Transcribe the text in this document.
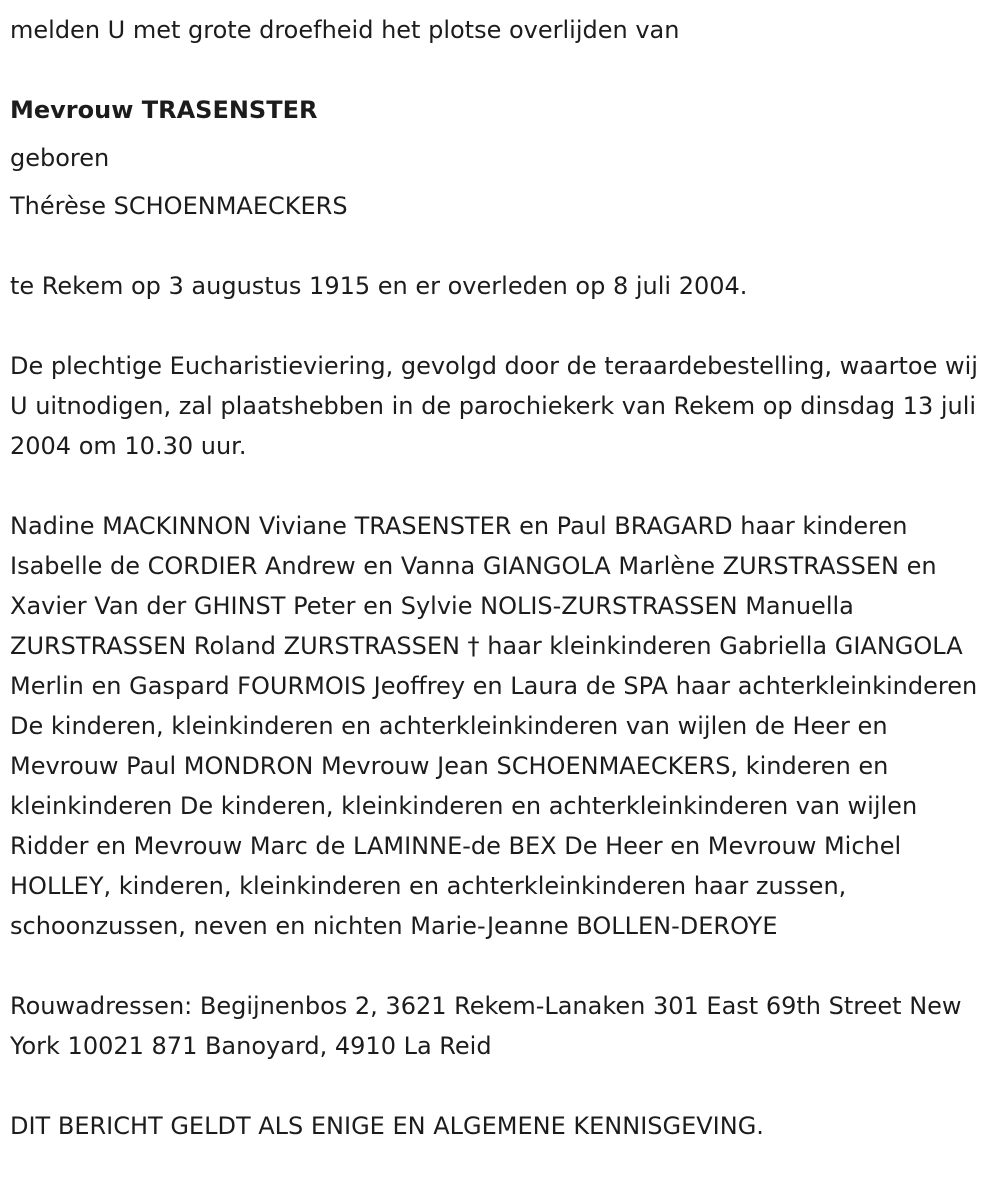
melden U met grote droefheid het plotse overlijden van

Mevrouw TRASENSTER

geboren

Thérèse SCHOENMAECKERS

te Rekem op 3 augustus 1915 en er overleden op 8 juli 2004.

De plechtige Eucharistieviering, gevolgd door de teraardebestelling, waartoe wij U uitnodigen, zal plaatshebben in de parochiekerk van Rekem op dinsdag 13 juli 2004 om 10.30 uur.

Nadine MACKINNON Viviane TRASENSTER en Paul BRAGARD haar kinderen Isabelle de CORDIER Andrew en Vanna GIANGOLA Marlène ZURSTRASSEN en Xavier Van der GHINST Peter en Sylvie NOLIS-ZURSTRASSEN Manuella ZURSTRASSEN Roland ZURSTRASSEN † haar kleinkinderen Gabriella GIANGOLA Merlin en Gaspard FOURMOIS Jeoffrey en Laura de SPA haar achterkleinkinderen De kinderen, kleinkinderen en achterkleinkinderen van wijlen de Heer en Mevrouw Paul MONDRON Mevrouw Jean SCHOENMAECKERS, kinderen en kleinkinderen De kinderen, kleinkinderen en achterkleinkinderen van wijlen Ridder en Mevrouw Marc de LAMINNE-de BEX De Heer en Mevrouw Michel HOLLEY, kinderen, kleinkinderen en achterkleinkinderen haar zussen, schoonzussen, neven en nichten Marie-Jeanne BOLLEN-DEROYE

Rouwadressen: Begijnenbos 2, 3621 Rekem-Lanaken 301 East 69th Street New York 10021 871 Banoyard, 4910 La Reid

DIT BERICHT GELDT ALS ENIGE EN ALGEMENE KENNISGEVING.
